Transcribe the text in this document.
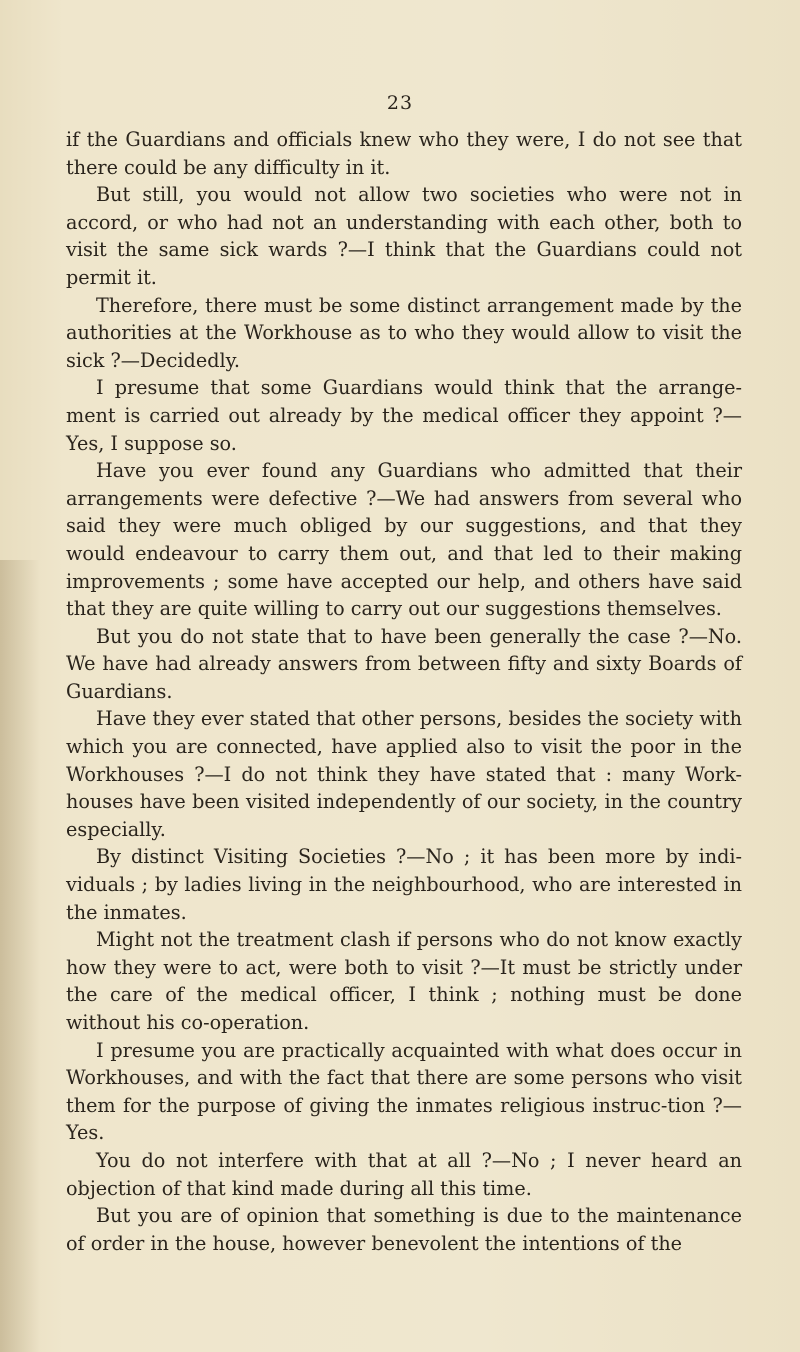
23

if the Guardians and officials knew who they were, I do not see that there could be any difficulty in it.

But still, you would not allow two societies who were not in accord, or who had not an understanding with each other, both to visit the same sick wards ?—I think that the Guardians could not permit it.

Therefore, there must be some distinct arrangement made by the authorities at the Workhouse as to who they would allow to visit the sick ?—Decidedly.

I presume that some Guardians would think that the arrange-ment is carried out already by the medical officer they appoint ?— Yes, I suppose so.

Have you ever found any Guardians who admitted that their arrangements were defective ?—We had answers from several who said they were much obliged by our suggestions, and that they would endeavour to carry them out, and that led to their making improvements ; some have accepted our help, and others have said that they are quite willing to carry out our suggestions themselves.

But you do not state that to have been generally the case ?—No. We have had already answers from between fifty and sixty Boards of Guardians.

Have they ever stated that other persons, besides the society with which you are connected, have applied also to visit the poor in the Workhouses ?—I do not think they have stated that : many Work-houses have been visited independently of our society, in the country especially.

By distinct Visiting Societies ?—No ; it has been more by indi-viduals ; by ladies living in the neighbourhood, who are interested in the inmates.

Might not the treatment clash if persons who do not know exactly how they were to act, were both to visit ?—It must be strictly under the care of the medical officer, I think ; nothing must be done without his co-operation.

I presume you are practically acquainted with what does occur in Workhouses, and with the fact that there are some persons who visit them for the purpose of giving the inmates religious instruc-tion ?—Yes.

You do not interfere with that at all ?—No ; I never heard an objection of that kind made during all this time.

But you are of opinion that something is due to the maintenance of order in the house, however benevolent the intentions of the
